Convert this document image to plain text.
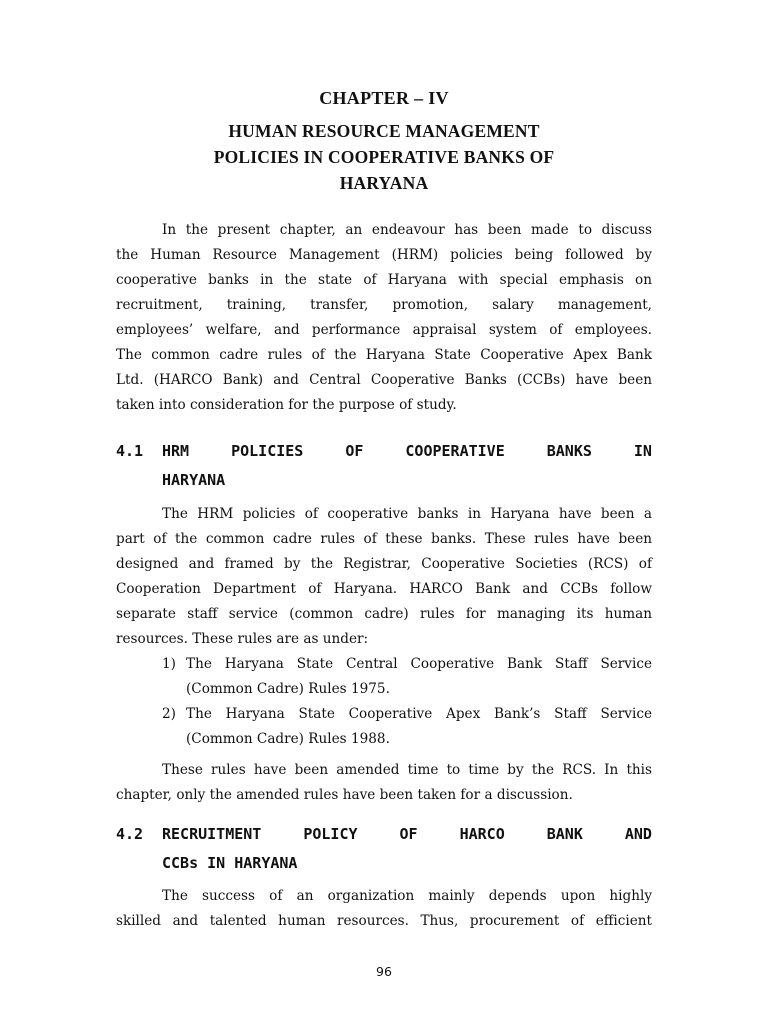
CHAPTER – IV
HUMAN RESOURCE MANAGEMENT
POLICIES IN COOPERATIVE BANKS OF
HARYANA
In the present chapter, an endeavour has been made to discuss
the Human Resource Management (HRM) policies being followed by
cooperative banks in the state of Haryana with special emphasis on
recruitment, training, transfer, promotion, salary management,
employees’ welfare, and performance appraisal system of employees.
The common cadre rules of the Haryana State Cooperative Apex Bank
Ltd. (HARCO Bank) and Central Cooperative Banks (CCBs) have been
taken into consideration for the purpose of study.
4.1 HRM	POLICIES	OF	COOPERATIVE	BANKS	IN
HARYANA
The HRM policies of cooperative banks in Haryana have been a
part of the common cadre rules of these banks. These rules have been
designed and framed by the Registrar, Cooperative Societies (RCS) of
Cooperation Department of Haryana. HARCO Bank and CCBs follow
separate staff service (common cadre) rules for managing its human
resources. These rules are as under:
1) The Haryana State Central Cooperative Bank Staff Service
(Common Cadre) Rules 1975.
2) The Haryana State Cooperative Apex Bank’s Staff Service
(Common Cadre) Rules 1988.
These rules have been amended time to time by the RCS. In this
chapter, only the amended rules have been taken for a discussion.
4.2 RECRUITMENT	POLICY	OF	HARCO	BANK	AND
CCBs IN HARYANA
The success of an organization mainly depends upon highly
skilled and talented human resources. Thus, procurement of efficient
96
